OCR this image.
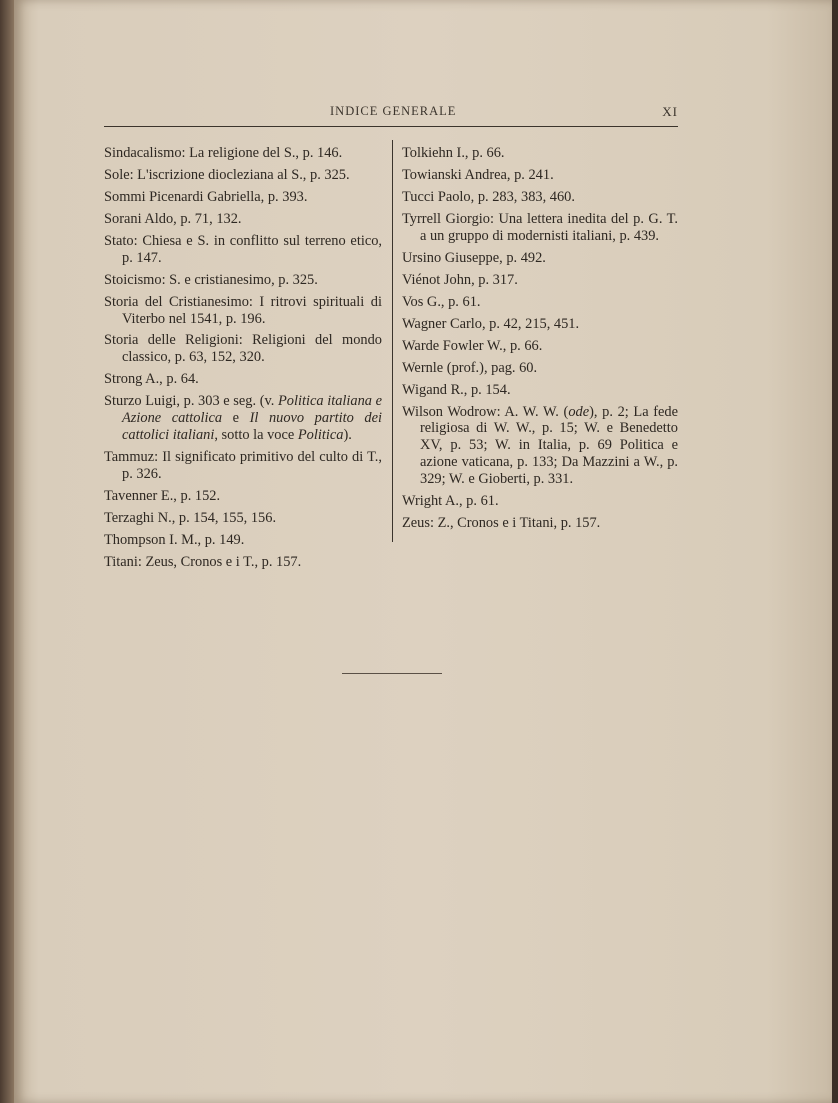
INDICE GENERALE	XI
Sindacalismo: La religione del S., p. 146.
Sole: L'iscrizione diocleziana al S., p. 325.
Sommi Picenardi Gabriella, p. 393.
Sorani Aldo, p. 71, 132.
Stato: Chiesa e S. in conflitto sul terreno etico, p. 147.
Stoicismo: S. e cristianesimo, p. 325.
Storia del Cristianesimo: I ritrovi spirituali di Viterbo nel 1541, p. 196.
Storia delle Religioni: Religioni del mondo classico, p. 63, 152, 320.
Strong A., p. 64.
Sturzo Luigi, p. 303 e seg. (v. Politica italiana e Azione cattolica e Il nuovo partito dei cattolici italiani, sotto la voce Politica).
Tammuz: Il significato primitivo del culto di T., p. 326.
Tavenner E., p. 152.
Terzaghi N., p. 154, 155, 156.
Thompson I. M., p. 149.
Titani: Zeus, Cronos e i T., p. 157.
Tolkiehn I., p. 66.
Towianski Andrea, p. 241.
Tucci Paolo, p. 283, 383, 460.
Tyrrell Giorgio: Una lettera inedita del p. G. T. a un gruppo di modernisti italiani, p. 439.
Ursino Giuseppe, p. 492.
Viénot John, p. 317.
Vos G., p. 61.
Wagner Carlo, p. 42, 215, 451.
Warde Fowler W., p. 66.
Wernle (prof.), pag. 60.
Wigand R., p. 154.
Wilson Wodrow: A. W. W. (ode), p. 2; La fede religiosa di W. W., p. 15; W. e Benedetto XV, p. 53; W. in Italia, p. 69 Politica e azione vaticana, p. 133; Da Mazzini a W., p. 329; W. e Gioberti, p. 331.
Wright A., p. 61.
Zeus: Z., Cronos e i Titani, p. 157.
